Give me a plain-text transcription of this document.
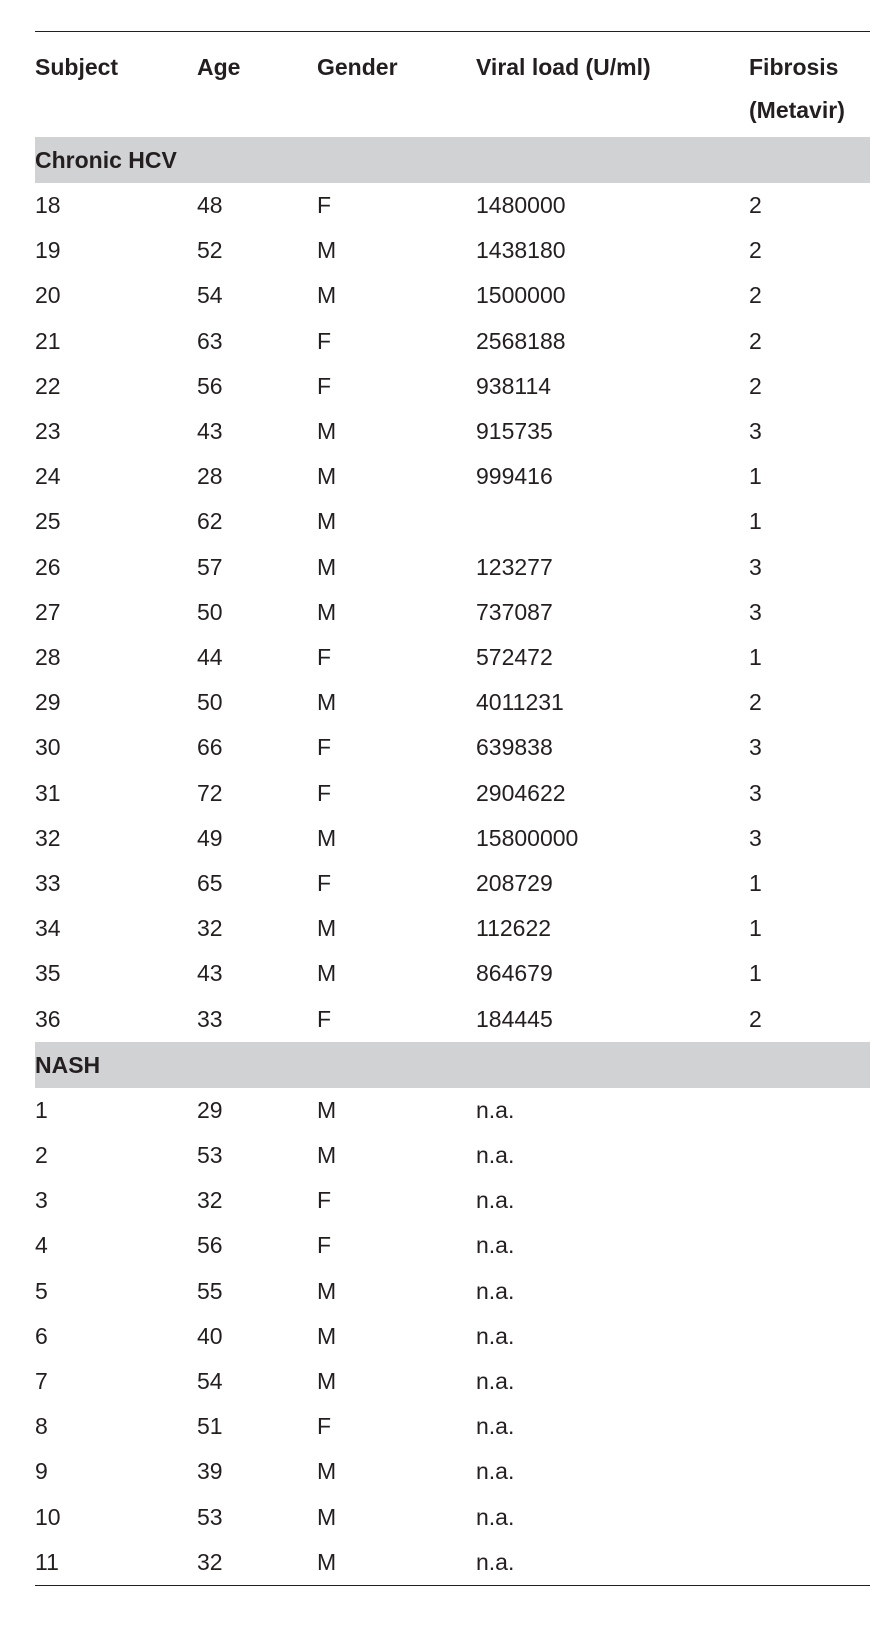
Subject	Age	Gender	Viral load (U/ml)	Fibrosis
(Metavir)

Chronic HCV				
18	48	F	1480000	2
19	52	M	1438180	2
20	54	M	1500000	2
21	63	F	2568188	2
22	56	F	938114	2
23	43	M	915735	3
24	28	M	999416	1
25	62	M		1
26	57	M	123277	3
27	50	M	737087	3
28	44	F	572472	1
29	50	M	4011231	2
30	66	F	639838	3
31	72	F	2904622	3
32	49	M	15800000	3
33	65	F	208729	1
34	32	M	112622	1
35	43	M	864679	1
36	33	F	184445	2
NASH				
1	29	M	n.a.	
2	53	M	n.a.	
3	32	F	n.a.	
4	56	F	n.a.	
5	55	M	n.a.	
6	40	M	n.a.	
7	54	M	n.a.	
8	51	F	n.a.	
9	39	M	n.a.	
10	53	M	n.a.	
11	32	M	n.a.	
